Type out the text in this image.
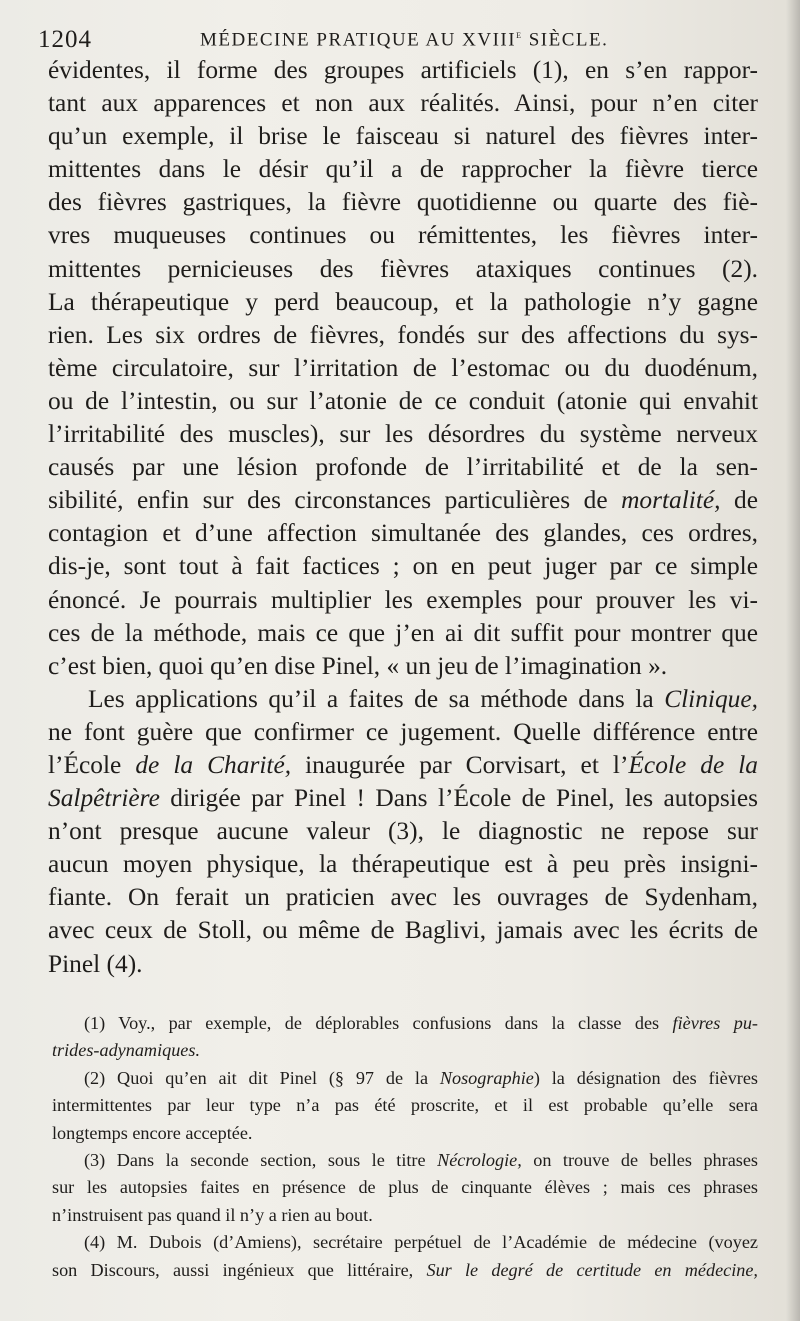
1204	MÉDECINE PRATIQUE AU XVIIIe SIÈCLE.
évidentes, il forme des groupes artificiels (1), en s’en rappor-
tant aux apparences et non aux réalités. Ainsi, pour n’en citer
qu’un exemple, il brise le faisceau si naturel des fièvres inter-
mittentes dans le désir qu’il a de rapprocher la fièvre tierce
des fièvres gastriques, la fièvre quotidienne ou quarte des fiè-
vres muqueuses continues ou rémittentes, les fièvres inter-
mittentes pernicieuses des fièvres ataxiques continues (2).
La thérapeutique y perd beaucoup, et la pathologie n’y gagne
rien. Les six ordres de fièvres, fondés sur des affections du sys-
tème circulatoire, sur l’irritation de l’estomac ou du duodénum,
ou de l’intestin, ou sur l’atonie de ce conduit (atonie qui envahit
l’irritabilité des muscles), sur les désordres du système nerveux
causés par une lésion profonde de l’irritabilité et de la sen-
sibilité, enfin sur des circonstances particulières de mortalité, de
contagion et d’une affection simultanée des glandes, ces ordres,
dis-je, sont tout à fait factices ; on en peut juger par ce simple
énoncé. Je pourrais multiplier les exemples pour prouver les vi-
ces de la méthode, mais ce que j’en ai dit suffit pour montrer que
c’est bien, quoi qu’en dise Pinel, « un jeu de l’imagination ».
Les applications qu’il a faites de sa méthode dans la Clinique,
ne font guère que confirmer ce jugement. Quelle différence entre
l’École de la Charité, inaugurée par Corvisart, et l’École de la
Salpêtrière dirigée par Pinel ! Dans l’École de Pinel, les autopsies
n’ont presque aucune valeur (3), le diagnostic ne repose sur
aucun moyen physique, la thérapeutique est à peu près insigni-
fiante. On ferait un praticien avec les ouvrages de Sydenham,
avec ceux de Stoll, ou même de Baglivi, jamais avec les écrits de
Pinel (4).
(1) Voy., par exemple, de déplorables confusions dans la classe des fièvres pu-
trides-adynamiques.
(2) Quoi qu’en ait dit Pinel (§ 97 de la Nosographie) la désignation des fièvres
intermittentes par leur type n’a pas été proscrite, et il est probable qu’elle sera
longtemps encore acceptée.
(3) Dans la seconde section, sous le titre Nécrologie, on trouve de belles phrases
sur les autopsies faites en présence de plus de cinquante élèves ; mais ces phrases
n’instruisent pas quand il n’y a rien au bout.
(4) M. Dubois (d’Amiens), secrétaire perpétuel de l’Académie de médecine (voyez
son Discours, aussi ingénieux que littéraire, Sur le degré de certitude en médecine,
